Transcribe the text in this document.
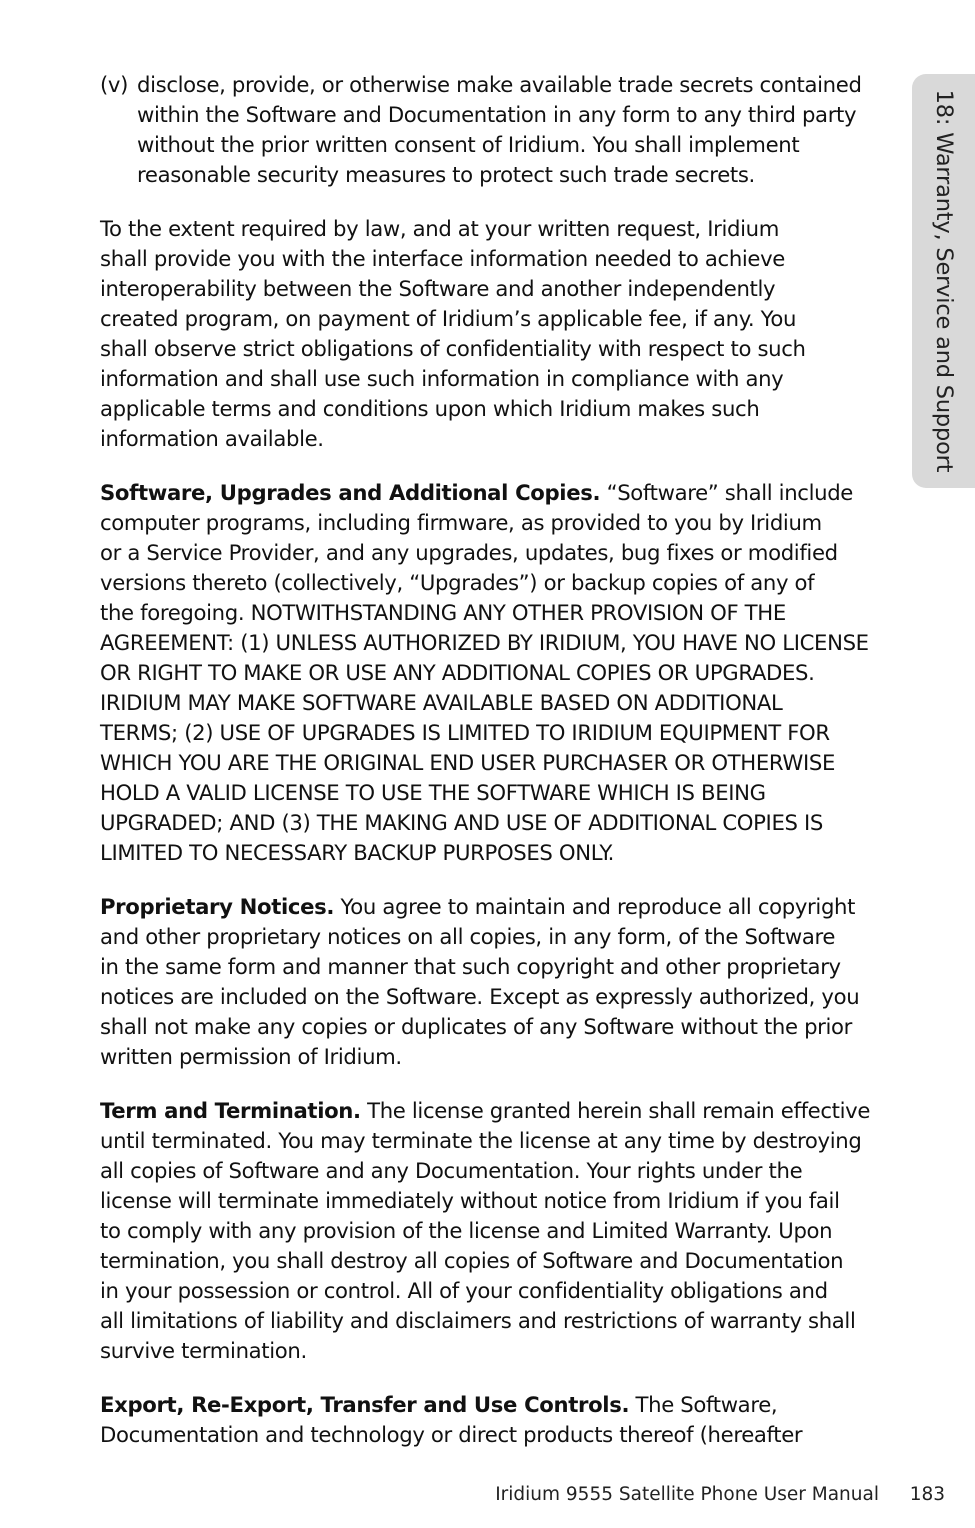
18: Warranty, Service and Support
(v) disclose, provide, or otherwise make available trade secrets contained
within the Software and Documentation in any form to any third party
without the prior written consent of Iridium. You shall implement
reasonable security measures to protect such trade secrets.
To the extent required by law, and at your written request, Iridium
shall provide you with the interface information needed to achieve
interoperability between the Software and another independently
created program, on payment of Iridium’s applicable fee, if any. You
shall observe strict obligations of confidentiality with respect to such
information and shall use such information in compliance with any
applicable terms and conditions upon which Iridium makes such
information available.
Software, Upgrades and Additional Copies. “Software” shall include
computer programs, including firmware, as provided to you by Iridium
or a Service Provider, and any upgrades, updates, bug fixes or modified
versions thereto (collectively, “Upgrades”) or backup copies of any of
the foregoing. NOTWITHSTANDING ANY OTHER PROVISION OF THE
AGREEMENT: (1) UNLESS AUTHORIZED BY IRIDIUM, YOU HAVE NO LICENSE
OR RIGHT TO MAKE OR USE ANY ADDITIONAL COPIES OR UPGRADES.
IRIDIUM MAY MAKE SOFTWARE AVAILABLE BASED ON ADDITIONAL
TERMS; (2) USE OF UPGRADES IS LIMITED TO IRIDIUM EQUIPMENT FOR
WHICH YOU ARE THE ORIGINAL END USER PURCHASER OR OTHERWISE
HOLD A VALID LICENSE TO USE THE SOFTWARE WHICH IS BEING
UPGRADED; AND (3) THE MAKING AND USE OF ADDITIONAL COPIES IS
LIMITED TO NECESSARY BACKUP PURPOSES ONLY.
Proprietary Notices. You agree to maintain and reproduce all copyright
and other proprietary notices on all copies, in any form, of the Software
in the same form and manner that such copyright and other proprietary
notices are included on the Software. Except as expressly authorized, you
shall not make any copies or duplicates of any Software without the prior
written permission of Iridium.
Term and Termination. The license granted herein shall remain effective
until terminated. You may terminate the license at any time by destroying
all copies of Software and any Documentation. Your rights under the
license will terminate immediately without notice from Iridium if you fail
to comply with any provision of the license and Limited Warranty. Upon
termination, you shall destroy all copies of Software and Documentation
in your possession or control. All of your confidentiality obligations and
all limitations of liability and disclaimers and restrictions of warranty shall
survive termination.
Export, Re-Export, Transfer and Use Controls. The Software,
Documentation and technology or direct products thereof (hereafter
Iridium 9555 Satellite Phone User Manual 183
